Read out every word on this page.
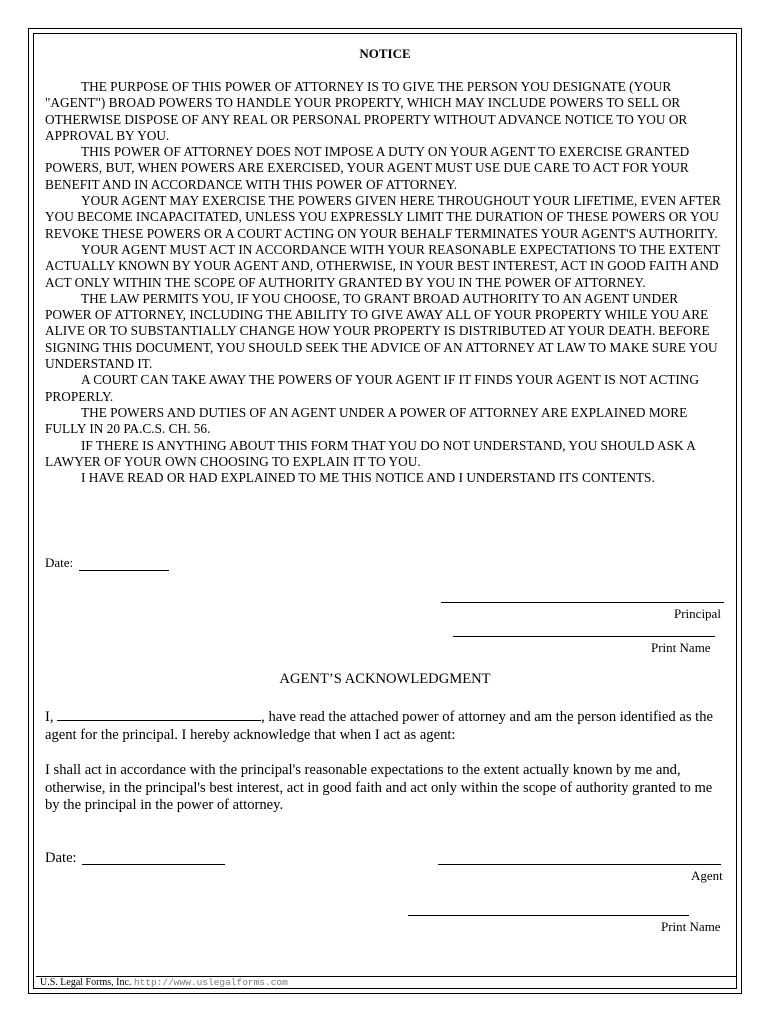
NOTICE

THE PURPOSE OF THIS POWER OF ATTORNEY IS TO GIVE THE PERSON YOU DESIGNATE (YOUR "AGENT") BROAD POWERS TO HANDLE YOUR PROPERTY, WHICH MAY INCLUDE POWERS TO SELL OR OTHERWISE DISPOSE OF ANY REAL OR PERSONAL PROPERTY WITHOUT ADVANCE NOTICE TO YOU OR APPROVAL BY YOU.

THIS POWER OF ATTORNEY DOES NOT IMPOSE A DUTY ON YOUR AGENT TO EXERCISE GRANTED POWERS, BUT, WHEN POWERS ARE EXERCISED, YOUR AGENT MUST USE DUE CARE TO ACT FOR YOUR BENEFIT AND IN ACCORDANCE WITH THIS POWER OF ATTORNEY.

YOUR AGENT MAY EXERCISE THE POWERS GIVEN HERE THROUGHOUT YOUR LIFETIME, EVEN AFTER YOU BECOME INCAPACITATED, UNLESS YOU EXPRESSLY LIMIT THE DURATION OF THESE POWERS OR YOU REVOKE THESE POWERS OR A COURT ACTING ON YOUR BEHALF TERMINATES YOUR AGENT'S AUTHORITY.

YOUR AGENT MUST ACT IN ACCORDANCE WITH YOUR REASONABLE EXPECTATIONS TO THE EXTENT ACTUALLY KNOWN BY YOUR AGENT AND, OTHERWISE, IN YOUR BEST INTEREST, ACT IN GOOD FAITH AND ACT ONLY WITHIN THE SCOPE OF AUTHORITY GRANTED BY YOU IN THE POWER OF ATTORNEY.

THE LAW PERMITS YOU, IF YOU CHOOSE, TO GRANT BROAD AUTHORITY TO AN AGENT UNDER POWER OF ATTORNEY, INCLUDING THE ABILITY TO GIVE AWAY ALL OF YOUR PROPERTY WHILE YOU ARE ALIVE OR TO SUBSTANTIALLY CHANGE HOW YOUR PROPERTY IS DISTRIBUTED AT YOUR DEATH. BEFORE SIGNING THIS DOCUMENT, YOU SHOULD SEEK THE ADVICE OF AN ATTORNEY AT LAW TO MAKE SURE YOU UNDERSTAND IT.

A COURT CAN TAKE AWAY THE POWERS OF YOUR AGENT IF IT FINDS YOUR AGENT IS NOT ACTING PROPERLY.

THE POWERS AND DUTIES OF AN AGENT UNDER A POWER OF ATTORNEY ARE EXPLAINED MORE FULLY IN 20 PA.C.S. CH. 56.

IF THERE IS ANYTHING ABOUT THIS FORM THAT YOU DO NOT UNDERSTAND, YOU SHOULD ASK A LAWYER OF YOUR OWN CHOOSING TO EXPLAIN IT TO YOU.

I HAVE READ OR HAD EXPLAINED TO ME THIS NOTICE AND I UNDERSTAND ITS CONTENTS.

Date:
Principal
Print Name
AGENT’S ACKNOWLEDGMENT
I,	, have read the attached power of attorney and am the person identified as the agent for the principal. I hereby acknowledge that when I act as agent:
I shall act in accordance with the principal's reasonable expectations to the extent actually known by me and, otherwise, in the principal's best interest, act in good faith and act only within the scope of authority granted to me by the principal in the power of attorney.
Date:
Agent
Print Name
U.S. Legal Forms, Inc. http://www.uslegalforms.com
